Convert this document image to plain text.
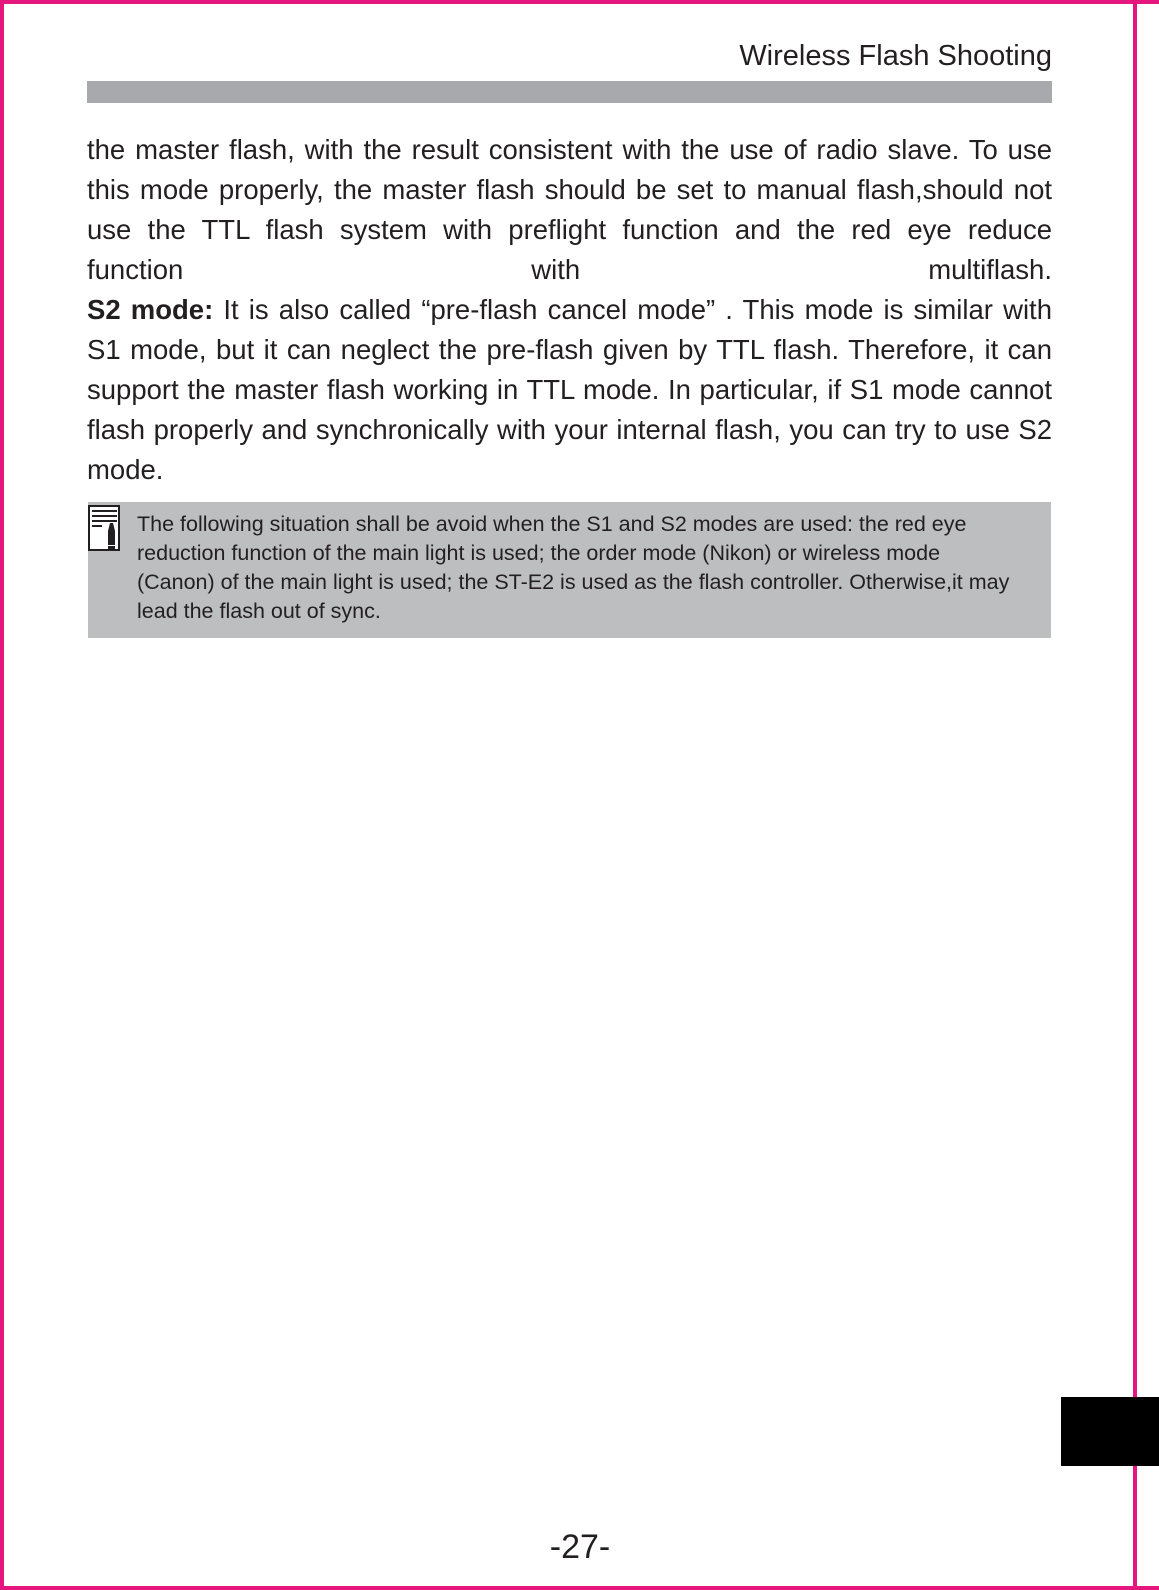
Wireless Flash Shooting

the master flash, with the result consistent with the use of radio slave. To use this mode properly, the master flash should be set to manual flash,should not use the TTL flash system with preflight function and the red eye reduce function with multiflash.

S2 mode: It is also called “pre-flash cancel mode” . This mode is similar with S1 mode, but it can neglect the pre-flash given by TTL flash. Therefore, it can support the master flash working in TTL mode. In particular, if S1 mode cannot flash properly and synchronically with your internal flash, you can try to use S2 mode.

The following situation shall be avoid when the S1 and S2 modes are used: the red eye reduction function of the main light is used; the order mode (Nikon) or wireless mode (Canon) of the main light is used; the ST-E2 is used as the flash controller. Otherwise,it may lead the flash out of sync.

-27-
